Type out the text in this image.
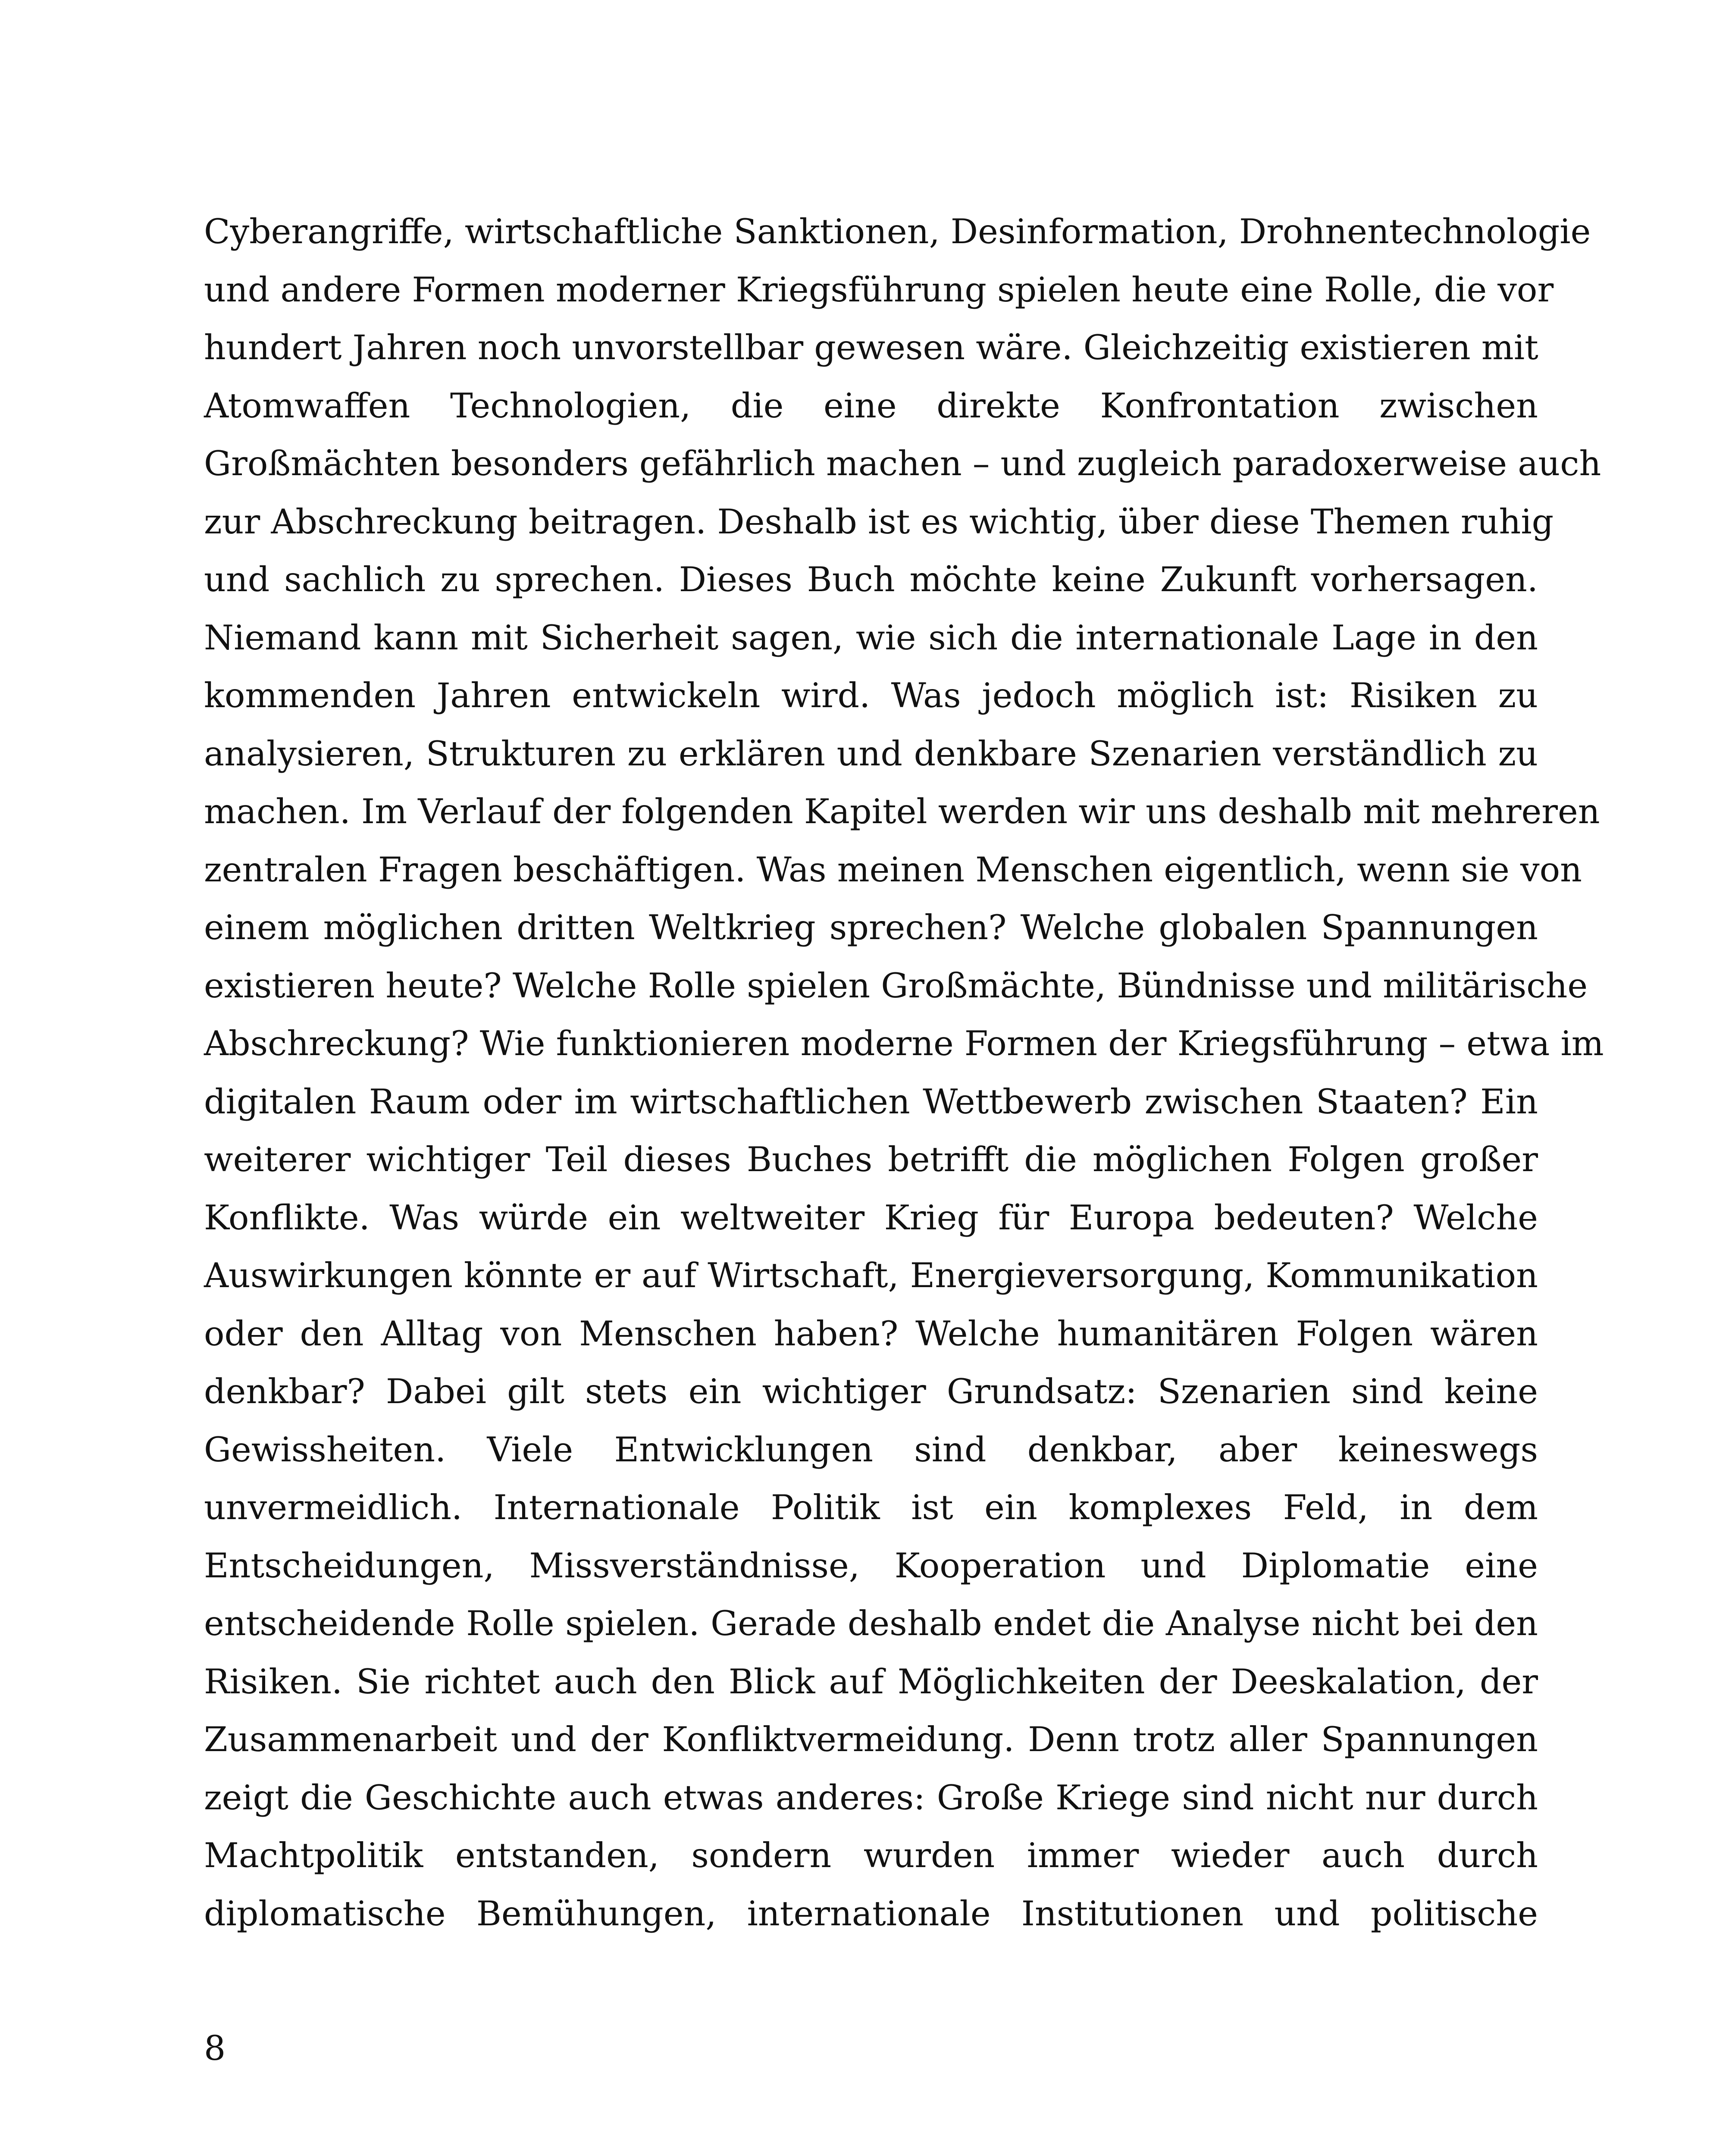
Cyberangriffe, wirtschaftliche Sanktionen, Desinformation, Drohnentechnologie
und andere Formen moderner Kriegsführung spielen heute eine Rolle, die vor
hundert Jahren noch unvorstellbar gewesen wäre. Gleichzeitig existieren mit
Atomwaffen Technologien, die eine direkte Konfrontation zwischen
Großmächten besonders gefährlich machen – und zugleich paradoxerweise auch
zur Abschreckung beitragen. Deshalb ist es wichtig, über diese Themen ruhig
und sachlich zu sprechen. Dieses Buch möchte keine Zukunft vorhersagen.
Niemand kann mit Sicherheit sagen, wie sich die internationale Lage in den
kommenden Jahren entwickeln wird. Was jedoch möglich ist: Risiken zu
analysieren, Strukturen zu erklären und denkbare Szenarien verständlich zu
machen. Im Verlauf der folgenden Kapitel werden wir uns deshalb mit mehreren
zentralen Fragen beschäftigen. Was meinen Menschen eigentlich, wenn sie von
einem möglichen dritten Weltkrieg sprechen? Welche globalen Spannungen
existieren heute? Welche Rolle spielen Großmächte, Bündnisse und militärische
Abschreckung? Wie funktionieren moderne Formen der Kriegsführung – etwa im
digitalen Raum oder im wirtschaftlichen Wettbewerb zwischen Staaten? Ein
weiterer wichtiger Teil dieses Buches betrifft die möglichen Folgen großer
Konflikte. Was würde ein weltweiter Krieg für Europa bedeuten? Welche
Auswirkungen könnte er auf Wirtschaft, Energieversorgung, Kommunikation
oder den Alltag von Menschen haben? Welche humanitären Folgen wären
denkbar? Dabei gilt stets ein wichtiger Grundsatz: Szenarien sind keine
Gewissheiten. Viele Entwicklungen sind denkbar, aber keineswegs
unvermeidlich. Internationale Politik ist ein komplexes Feld, in dem
Entscheidungen, Missverständnisse, Kooperation und Diplomatie eine
entscheidende Rolle spielen. Gerade deshalb endet die Analyse nicht bei den
Risiken. Sie richtet auch den Blick auf Möglichkeiten der Deeskalation, der
Zusammenarbeit und der Konfliktvermeidung. Denn trotz aller Spannungen
zeigt die Geschichte auch etwas anderes: Große Kriege sind nicht nur durch
Machtpolitik entstanden, sondern wurden immer wieder auch durch
diplomatische Bemühungen, internationale Institutionen und politische
8
